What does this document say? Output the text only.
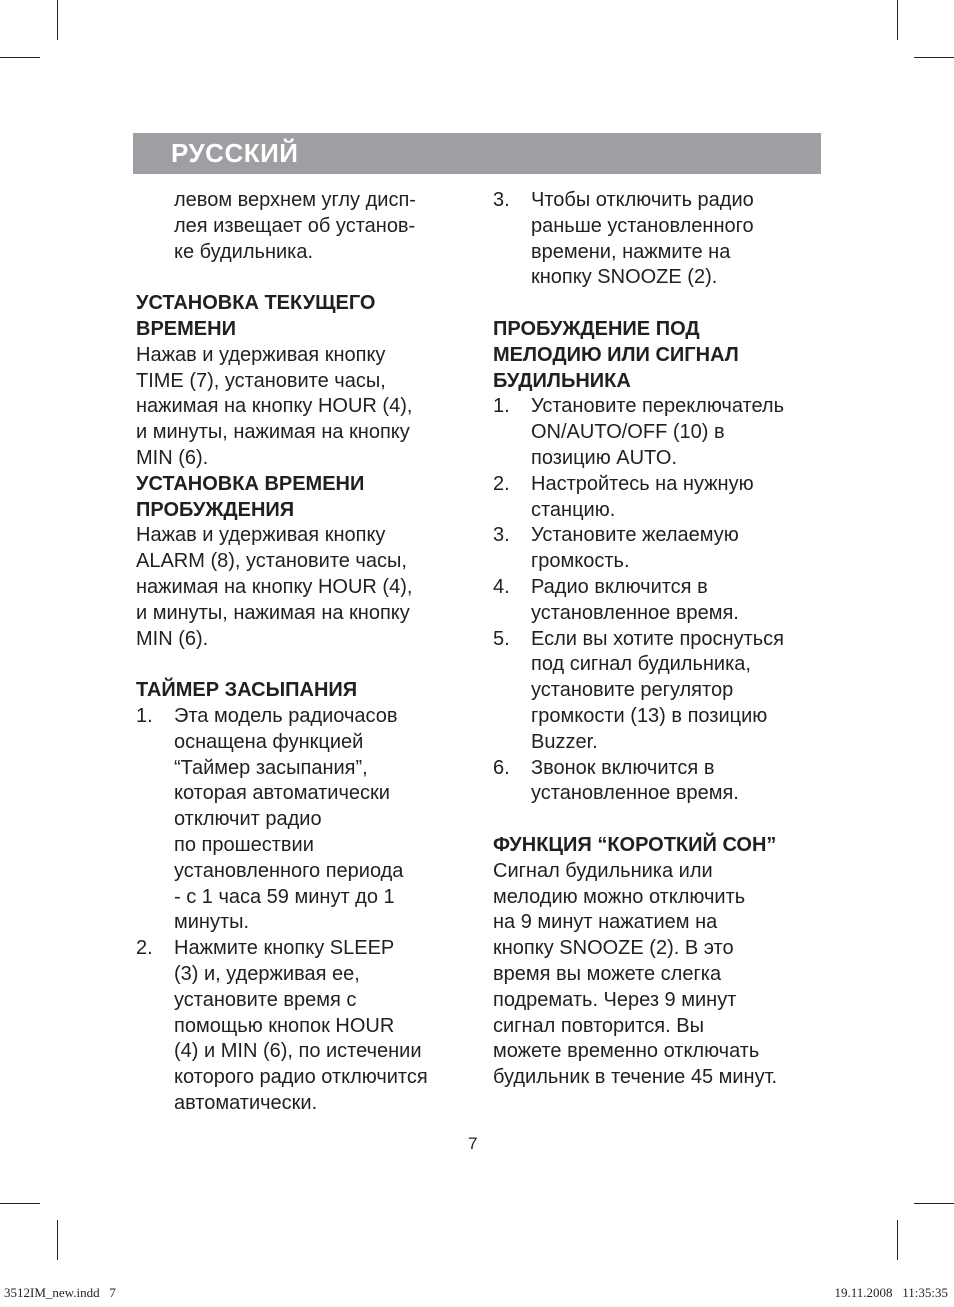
РУССКИЙ

левом верхнем углу дисп-

лея извещает об установ-

ке будильника.

УСТАНОВКА ТЕКУЩЕГО

ВРЕМЕНИ

Нажав и удерживая кнопку

TIME (7), установите часы,

нажимая на кнопку HOUR (4),

и минуты, нажимая на кнопку

MIN (6).

УСТАНОВКА ВРЕМЕНИ

ПРОБУЖДЕНИЯ

Нажав и удерживая кнопку

ALARM (8), установите часы,

нажимая на кнопку HOUR (4),

и минуты, нажимая на кнопку

MIN (6).

ТАЙМЕР ЗАСЫПАНИЯ

1. Эта модель радиочасов
оснащена функцией
“Таймер засыпания”,
которая автоматически
отключит радио
по прошествии
установленного периода
- с 1 часа 59 минут до 1
минуты.
2. Нажмите кнопку SLEEP
(3) и, удерживая ее,
установите время с
помощью кнопок HOUR
(4) и MIN (6), по истечении
которого радио отключится
автоматически.
3. Чтобы отключить радио
раньше установленного
времени, нажмите на
кнопку SNOOZE (2).

ПРОБУЖДЕНИЕ ПОД

МЕЛОДИЮ ИЛИ СИГНАЛ

БУДИЛЬНИКА

1. Установите переключатель
ON/AUTO/OFF (10) в
позицию AUTO.
2. Настройтесь на нужную
станцию.
3. Установите желаемую
громкость.
4. Радио включится в
установленное время.
5. Если вы хотите проснуться
под сигнал будильника,
установите регулятор
громкости (13) в позицию
Buzzer.
6. Звонок включится в
установленное время.

ФУНКЦИЯ “КОРОТКИЙ СОН”

Сигнал будильника или

мелодию можно отключить

на 9 минут нажатием на

кнопку SNOOZE (2). В это

время вы можете слегка

подремать. Через 9 минут

сигнал повторится. Вы

можете временно отключать

будильник в течение 45 минут.

7
3512IM_new.indd   7	19.11.2008   11:35:35
